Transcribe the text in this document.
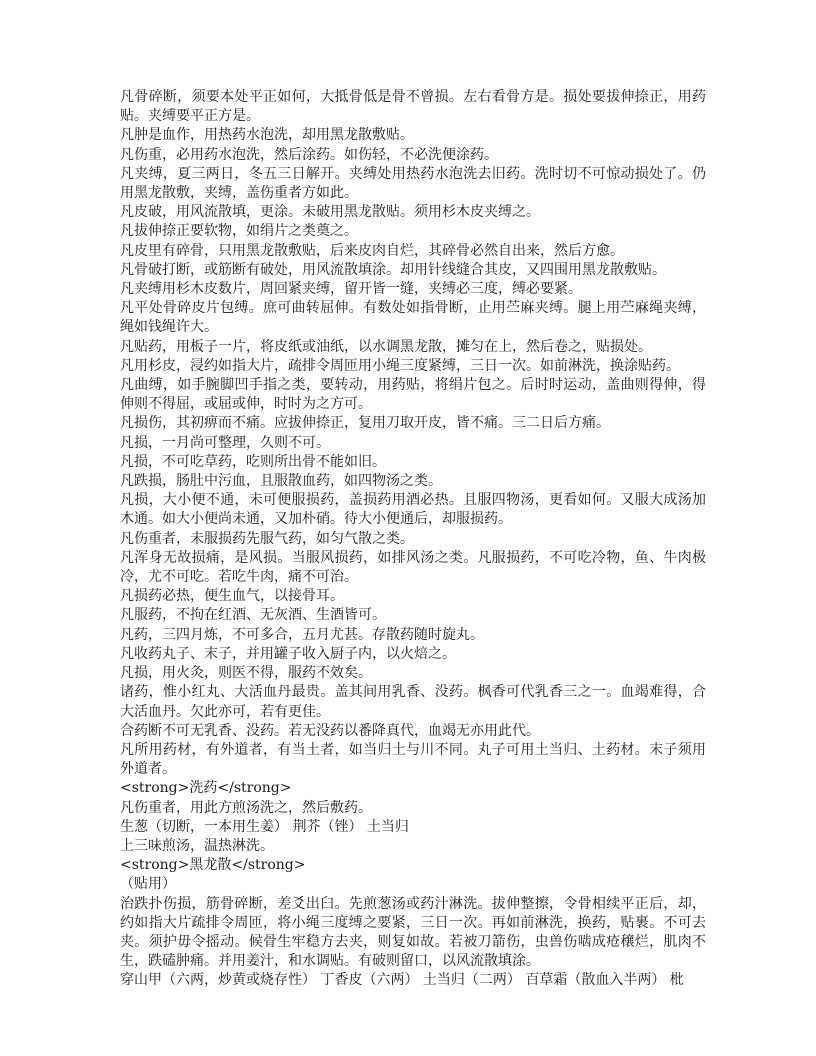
凡骨碎断，须要本处平正如何，大抵骨低是骨不曾损。左右看骨方是。损处要拔伸捺正，用药贴。夹缚要平正方是。

凡肿是血作，用热药水泡洗，却用黑龙散敷贴。

凡伤重，必用药水泡洗，然后涂药。如伤轻，不必洗便涂药。

凡夹缚，夏三两日，冬五三日解开。夹缚处用热药水泡洗去旧药。洗时切不可惊动损处了。仍用黑龙散敷，夹缚，盖伤重者方如此。

凡皮破，用风流散填，更涂。未破用黑龙散贴。须用杉木皮夹缚之。

凡拔伸捺正要软物，如绢片之类奠之。

凡皮里有碎骨，只用黑龙散敷贴，后来皮肉自烂，其碎骨必然自出来，然后方愈。

凡骨破打断，或筋断有破处，用风流散填涂。却用针线缝合其皮，又四围用黑龙散敷贴。

凡夹缚用杉木皮数片，周回紧夹缚，留开皆一缝，夹缚必三度，缚必要紧。

凡平处骨碎皮片包缚。庶可曲转屈伸。有数处如指骨断，止用苎麻夹缚。腿上用苎麻绳夹缚，绳如钱绳许大。

凡贴药，用板子一片，将皮纸或油纸，以水调黑龙散，摊匀在上，然后卷之，贴损处。

凡用杉皮，浸约如指大片，疏排令周匝用小绳三度紧缚，三日一次。如前淋洗，换涂贴药。

凡曲缚，如手腕脚凹手指之类，要转动，用药贴，将绢片包之。后时时运动，盖曲则得伸，得伸则不得屈，或屈或伸，时时为之方可。

凡损伤，其初痹而不痛。应拔伸捺正，复用刀取开皮，皆不痛。三二日后方痛。

凡损，一月尚可整理，久则不可。

凡损，不可吃草药，吃则所出骨不能如旧。

凡跌损，肠肚中污血，且服散血药，如四物汤之类。

凡损，大小便不通，未可便服损药，盖损药用酒必热。且服四物汤，更看如何。又服大成汤加木通。如大小便尚未通，又加朴硝。待大小便通后，却服损药。

凡伤重者，未服损药先服气药，如匀气散之类。

凡浑身无故损痛，是风损。当服风损药，如排风汤之类。凡服损药，不可吃冷物，鱼、牛肉极冷，尤不可吃。若吃牛肉，痛不可治。

凡损药必热，便生血气，以接骨耳。

凡服药，不拘在红酒、无灰酒、生酒皆可。

凡药，三四月炼，不可多合，五月尤甚。存散药随时旋丸。

凡收药丸子、末子，并用罐子收入厨子内，以火焙之。

凡损，用火灸，则医不得，服药不效矣。

诸药，惟小红丸、大活血丹最贵。盖其间用乳香、没药。枫香可代乳香三之一。血竭难得，合大活血丹。欠此亦可，若有更佳。

合药断不可无乳香、没药。若无没药以番降真代，血竭无亦用此代。

凡所用药材，有外道者，有当土者，如当归土与川不同。丸子可用土当归、土药材。末子须用外道者。

<strong>洗药</strong>

凡伤重者，用此方煎汤洗之，然后敷药。

生葱（切断，一本用生姜） 荆芥（锉） 土当归

上三味煎汤，温热淋洗。

<strong>黑龙散</strong>

（贴用）

治跌扑伤损，筋骨碎断，差爻出臼。先煎葱汤或药汁淋洗。拔伸整擦，令骨相续平正后，却，约如指大片疏排令周匝，将小绳三度缚之要紧，三日一次。再如前淋洗，换药，贴裹。不可去夹。须护毋令摇动。候骨生牢稳方去夹，则复如故。若被刀箭伤，虫兽伤啮成疮穣烂，肌肉不生，跌磕肿痛。并用姜汁，和水调贴。有破则留口，以风流散填涂。

穿山甲（六两，炒黄或烧存性） 丁香皮（六两） 土当归（二两） 百草霜（散血入半两） 枇
